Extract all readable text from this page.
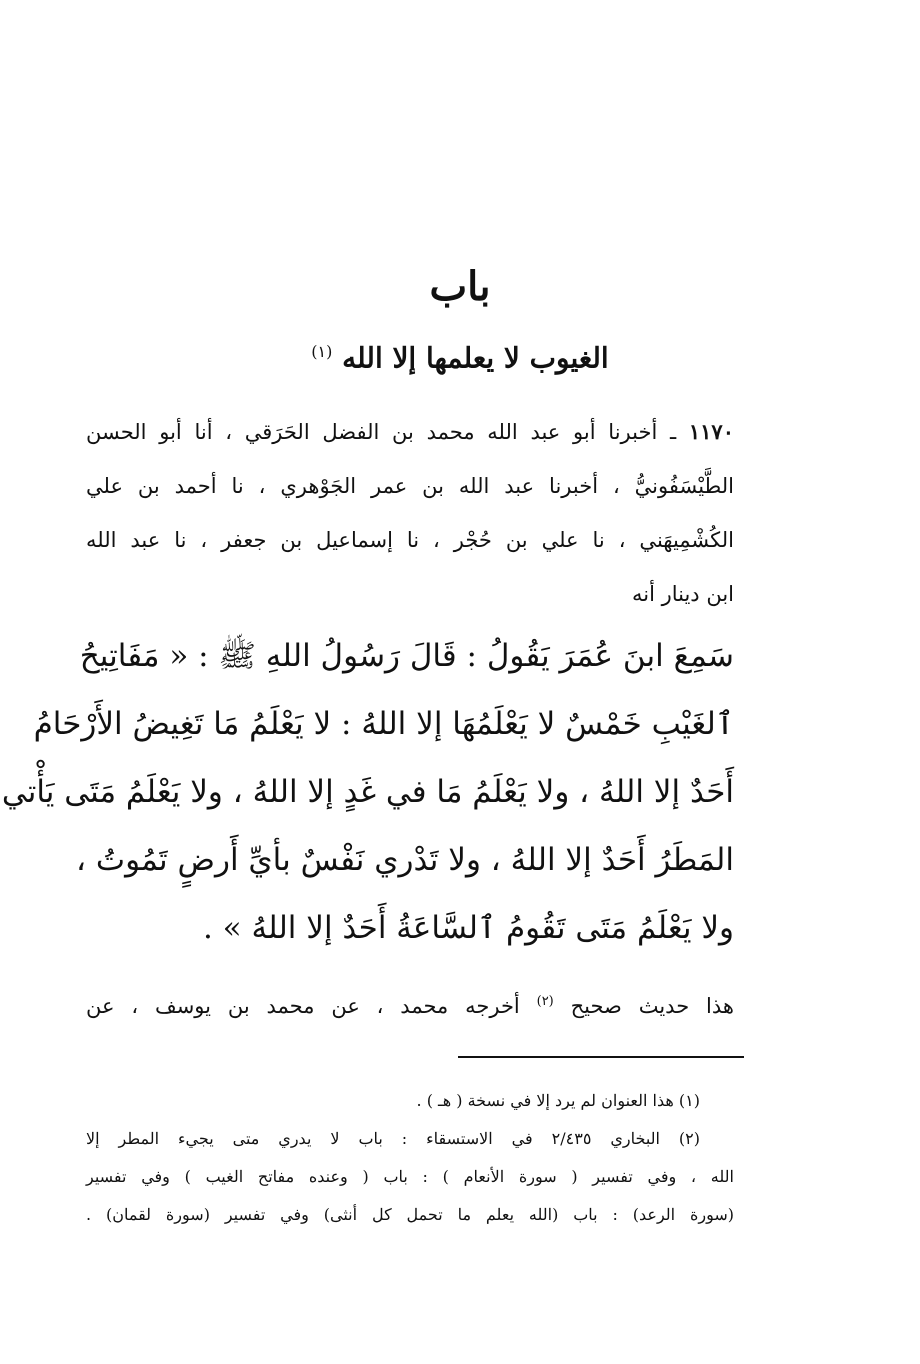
باب
الغيوب لا يعلمها إلا الله $^{(١)}$
١١٧٠ ـ أخبرنا أبو عبد الله محمد بن الفضل الحَرَقي ، أنا أبو الحسن
الطَّيْسَفُونيُّ ، أخبرنا عبد الله بن عمر الجَوْهري ، نا أحمد بن علي
الكُشْمِيهَني ، نا علي بن حُجْر ، نا إسماعيل بن جعفر ، نا عبد الله
ابن دينار أنه
سَمِعَ ابنَ عُمَرَ يَقُولُ : قَالَ رَسُولُ اللهِ ﷺ : « مَفَاتِيحُ
ٱلغَيْبِ خَمْسٌ لا يَعْلَمُهَا إلا اللهُ : لا يَعْلَمُ مَا تَغِيضُ الأَرْحَامُ
أَحَدٌ إلا اللهُ ، ولا يَعْلَمُ مَا في غَدٍ إلا اللهُ ، ولا يَعْلَمُ مَتَى يَأْتي
المَطَرُ أَحَدٌ إلا اللهُ ، ولا تَدْري نَفْسٌ بأيِّ أَرضٍ تَمُوتُ ،
ولا يَعْلَمُ مَتَى تَقُومُ ٱلسَّاعَةُ أَحَدٌ إلا اللهُ » .
هذا حديث صحيح $^{(٢)}$ أخرجه محمد ، عن محمد بن يوسف ، عن
(١) هذا العنوان لم يرد إلا في نسخة ( هـ ) .
(٢) البخاري ٢/٤٣٥ في الاستسقاء : باب لا يدري متى يجيء المطر إلا
الله ، وفي تفسير ( سورة الأنعام ) : باب ( وعنده مفاتح الغيب ) وفي تفسير
(سورة الرعد) : باب (الله يعلم ما تحمل كل أنثى) وفي تفسير (سورة لقمان) .
